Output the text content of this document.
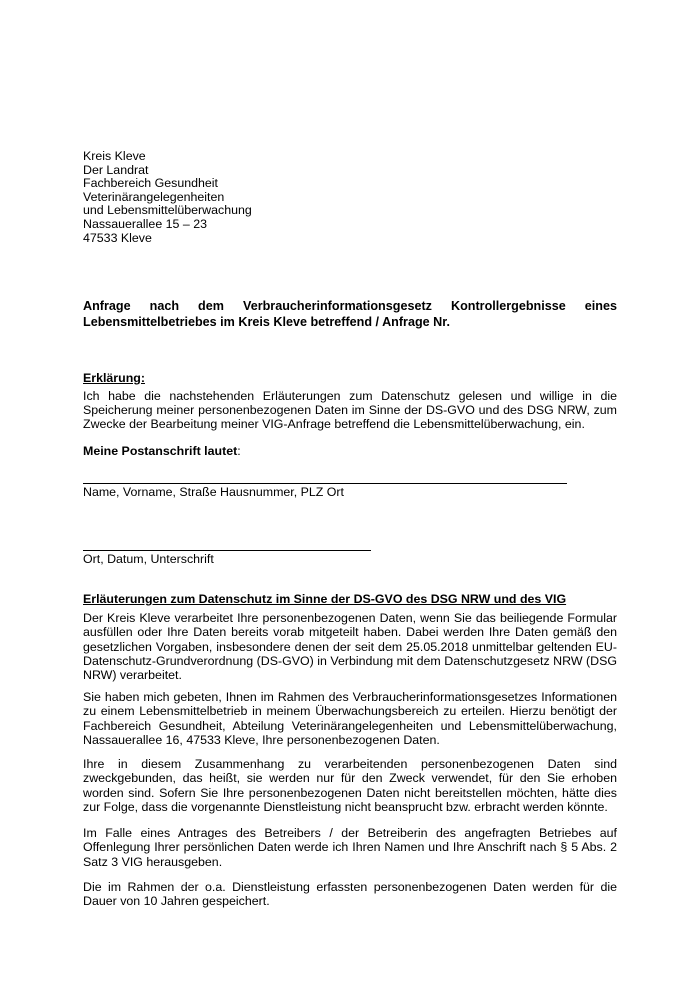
Kreis Kleve
Der Landrat
Fachbereich Gesundheit
Veterinärangelegenheiten
und Lebensmittelüberwachung
Nassauerallee 15 – 23
47533 Kleve
Anfrage nach dem Verbraucherinformationsgesetz Kontrollergebnisse eines Lebensmittelbetriebes im Kreis Kleve betreffend / Anfrage Nr.
Erklärung:
Ich habe die nachstehenden Erläuterungen zum Datenschutz gelesen und willige in die Speicherung meiner personenbezogenen Daten im Sinne der DS-GVO und des DSG NRW, zum Zwecke der Bearbeitung meiner VIG-Anfrage betreffend die Lebensmittelüberwachung, ein.
Meine Postanschrift lautet:
Name, Vorname, Straße Hausnummer, PLZ Ort
Ort, Datum, Unterschrift
Erläuterungen zum Datenschutz im Sinne der DS-GVO des DSG NRW und des VIG
Der Kreis Kleve verarbeitet Ihre personenbezogenen Daten, wenn Sie das beiliegende Formular ausfüllen oder Ihre Daten bereits vorab mitgeteilt haben. Dabei werden Ihre Daten gemäß den gesetzlichen Vorgaben, insbesondere denen der seit dem 25.05.2018 unmittelbar geltenden EU-Datenschutz-Grundverordnung (DS-GVO) in Verbindung mit dem Datenschutzgesetz NRW (DSG NRW) verarbeitet.
Sie haben mich gebeten, Ihnen im Rahmen des Verbraucherinformationsgesetzes Informationen zu einem Lebensmittelbetrieb in meinem Überwachungsbereich zu erteilen. Hierzu benötigt der Fachbereich Gesundheit, Abteilung Veterinärangelegenheiten und Lebensmittelüberwachung, Nassauerallee 16, 47533 Kleve, Ihre personenbezogenen Daten.
Ihre in diesem Zusammenhang zu verarbeitenden personenbezogenen Daten sind zweckgebunden, das heißt, sie werden nur für den Zweck verwendet, für den Sie erhoben worden sind. Sofern Sie Ihre personenbezogenen Daten nicht bereitstellen möchten, hätte dies zur Folge, dass die vorgenannte Dienstleistung nicht beansprucht bzw. erbracht werden könnte.
Im Falle eines Antrages des Betreibers / der Betreiberin des angefragten Betriebes auf Offenlegung Ihrer persönlichen Daten werde ich Ihren Namen und Ihre Anschrift nach § 5 Abs. 2 Satz 3 VIG herausgeben.
Die im Rahmen der o.a. Dienstleistung erfassten personenbezogenen Daten werden für die Dauer von 10 Jahren gespeichert.
